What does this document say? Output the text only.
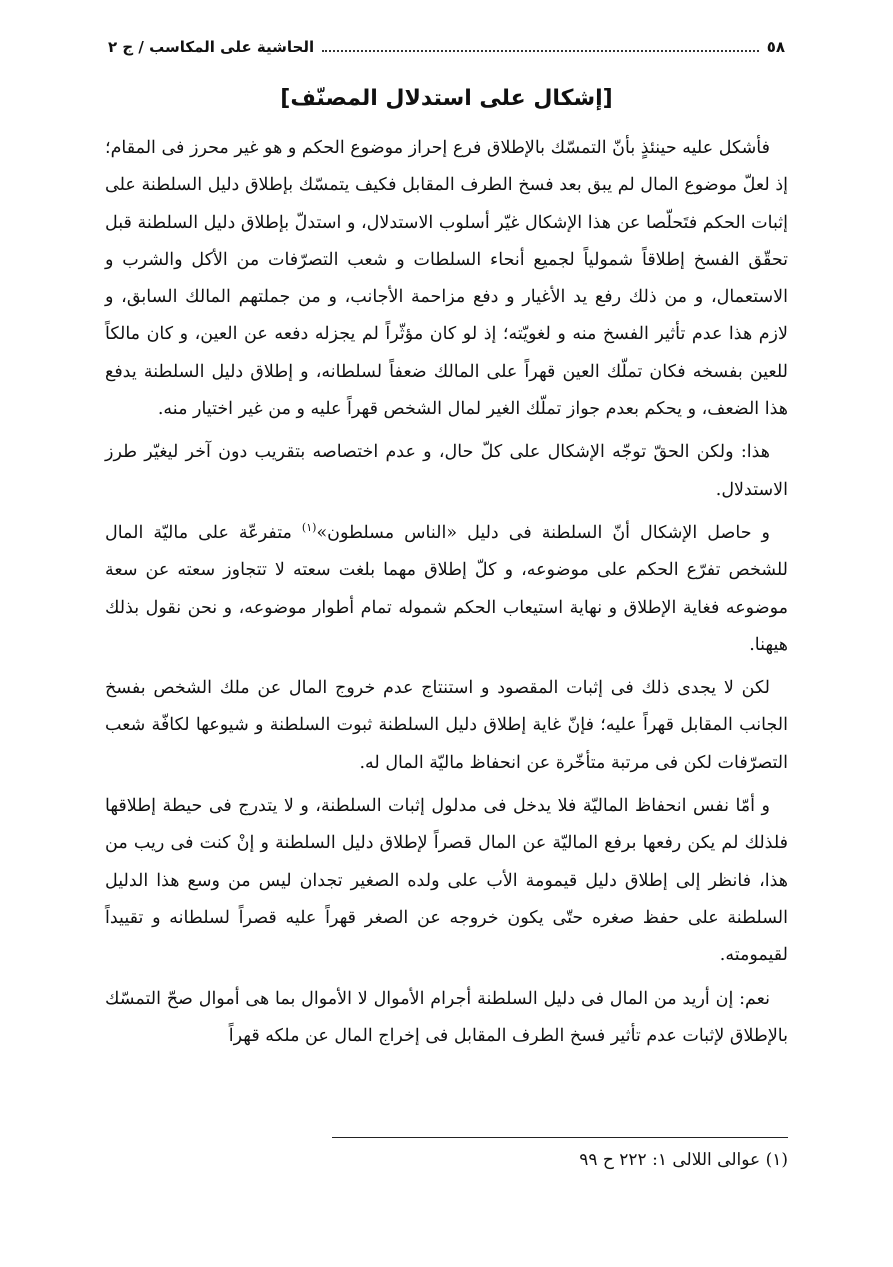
٥٨
الحاشية على المكاسب / ج ٢
[إشكال على استدلال المصنّف]

فأشكل عليه حينئذٍ بأنّ التمسّك بالإطلاق فرع إحراز موضوع الحكم و هو غير محرز فى المقام؛ إذ لعلّ موضوع المال لم يبق بعد فسخ الطرف المقابل فكيف يتمسّك بإطلاق دليل السلطنة على إثبات الحكم فتَحلّصا عن هذا الإشكال غيّر أسلوب الاستدلال، و استدلّ بإطلاق دليل السلطنة قبل تحقّق الفسخ إطلاقاً شمولياً لجميع أنحاء السلطات و شعب التصرّفات من الأكل والشرب و الاستعمال، و من ذلك رفع يد الأغيار و دفع مزاحمة الأجانب، و من جملتهم المالك السابق، و لازم هذا عدم تأثير الفسخ منه و لغويّته؛ إذ لو كان مؤثّراً لم يجزله دفعه عن العين، و كان مالكاً للعين بفسخه فكان تملّك العين قهراً على المالك ضعفاً لسلطانه، و إطلاق دليل السلطنة يدفع هذا الضعف، و يحكم بعدم جواز تملّك الغير لمال الشخص قهراً عليه و من غير اختيار منه.

هذا: ولكن الحقّ توجّه الإشكال على كلّ حال، و عدم اختصاصه بتقريب دون آخر ليغيّر طرز الاستدلال.

و حاصل الإشكال أنّ السلطنة فى دليل «الناس مسلطون»$^{(١)}$ متفرعّة على ماليّة المال للشخص تفرّع الحكم على موضوعه، و كلّ إطلاق مهما بلغت سعته لا تتجاوز سعته عن سعة موضوعه فغاية الإطلاق و نهاية استيعاب الحكم شموله تمام أطوار موضوعه، و نحن نقول بذلك هيهنا.

لكن لا يجدى ذلك فى إثبات المقصود و استنتاج عدم خروج المال عن ملك الشخص بفسخ الجانب المقابل قهراً عليه؛ فإنّ غاية إطلاق دليل السلطنة ثبوت السلطنة و شيوعها لكافّة شعب التصرّفات لكن فى مرتبة متأخّرة عن انحفاظ ماليّة المال له.

و أمّا نفس انحفاظ الماليّة فلا يدخل فى مدلول إثبات السلطنة، و لا يتدرج فى حيطة إطلاقها فلذلك لم يكن رفعها برفع الماليّة عن المال قصراً لإطلاق دليل السلطنة و إنْ كنت فى ريب من هذا، فانظر إلى إطلاق دليل قيمومة الأب على ولده الصغير تجدان ليس من وسع هذا الدليل السلطنة على حفظ صغره حتّى يكون خروجه عن الصغر قهراً عليه قصراً لسلطانه و تقييداً لقيمومته.

نعم: إن أريد من المال فى دليل السلطنة أجرام الأموال لا الأموال بما هى أموال صحّ التمسّك بالإطلاق لإثبات عدم تأثير فسخ الطرف المقابل فى إخراج المال عن ملكه قهراً

(١) عوالى اللالى ١: ٢٢٢ ح ٩٩
